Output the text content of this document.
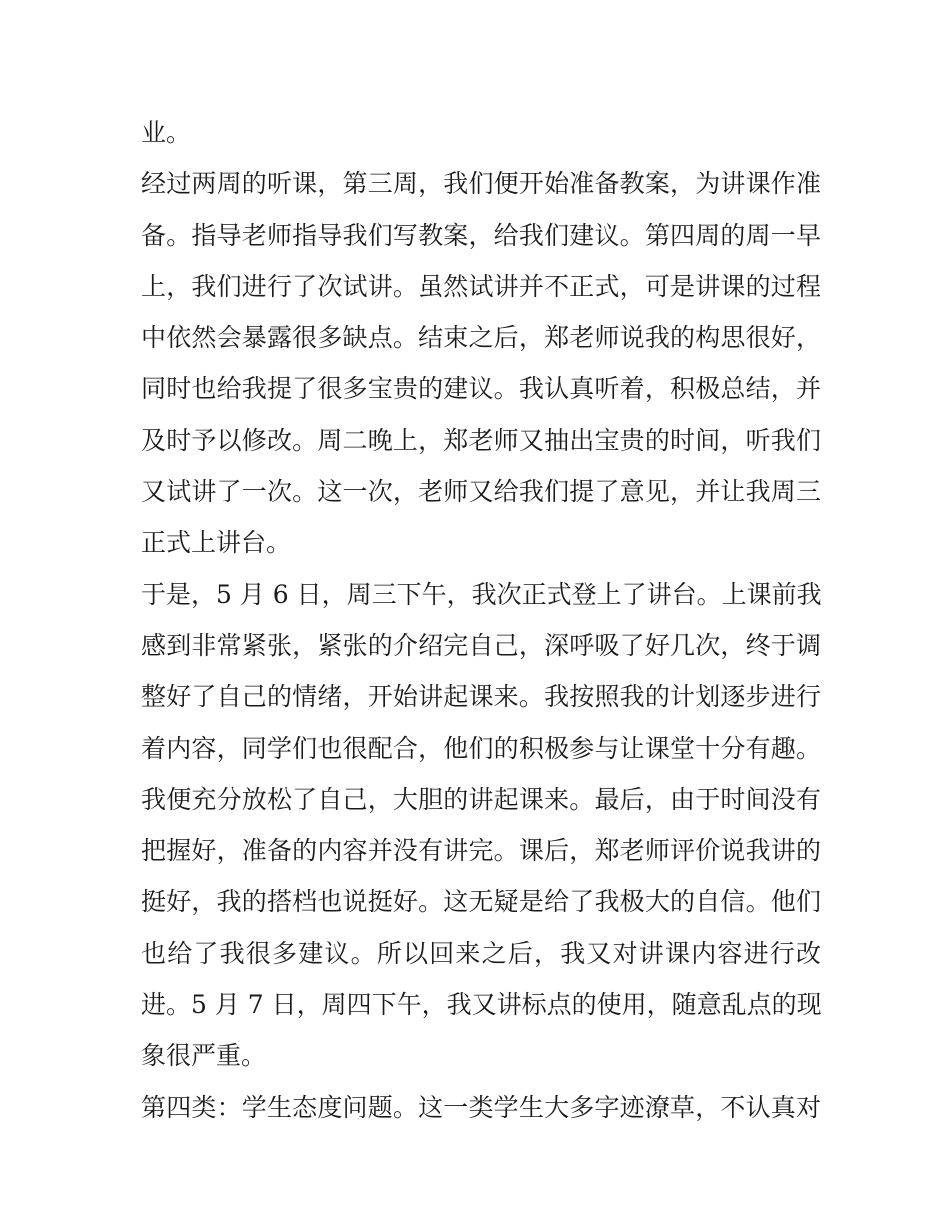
业。
经过两周的听课，第三周，我们便开始准备教案，为讲课作准
备。指导老师指导我们写教案，给我们建议。第四周的周一早
上，我们进行了次试讲。虽然试讲并不正式，可是讲课的过程
中依然会暴露很多缺点。结束之后，郑老师说我的构思很好，
同时也给我提了很多宝贵的建议。我认真听着，积极总结，并
及时予以修改。周二晚上，郑老师又抽出宝贵的时间，听我们
又试讲了一次。这一次，老师又给我们提了意见，并让我周三
正式上讲台。
于是，5 月 6 日，周三下午，我次正式登上了讲台。上课前我
感到非常紧张，紧张的介绍完自己，深呼吸了好几次，终于调
整好了自己的情绪，开始讲起课来。我按照我的计划逐步进行
着内容，同学们也很配合，他们的积极参与让课堂十分有趣。
我便充分放松了自己，大胆的讲起课来。最后，由于时间没有
把握好，准备的内容并没有讲完。课后，郑老师评价说我讲的
挺好，我的搭档也说挺好。这无疑是给了我极大的自信。他们
也给了我很多建议。所以回来之后，我又对讲课内容进行改
进。5 月 7 日，周四下午，我又讲标点的使用，随意乱点的现
象很严重。
第四类：学生态度问题。这一类学生大多字迹潦草，不认真对
